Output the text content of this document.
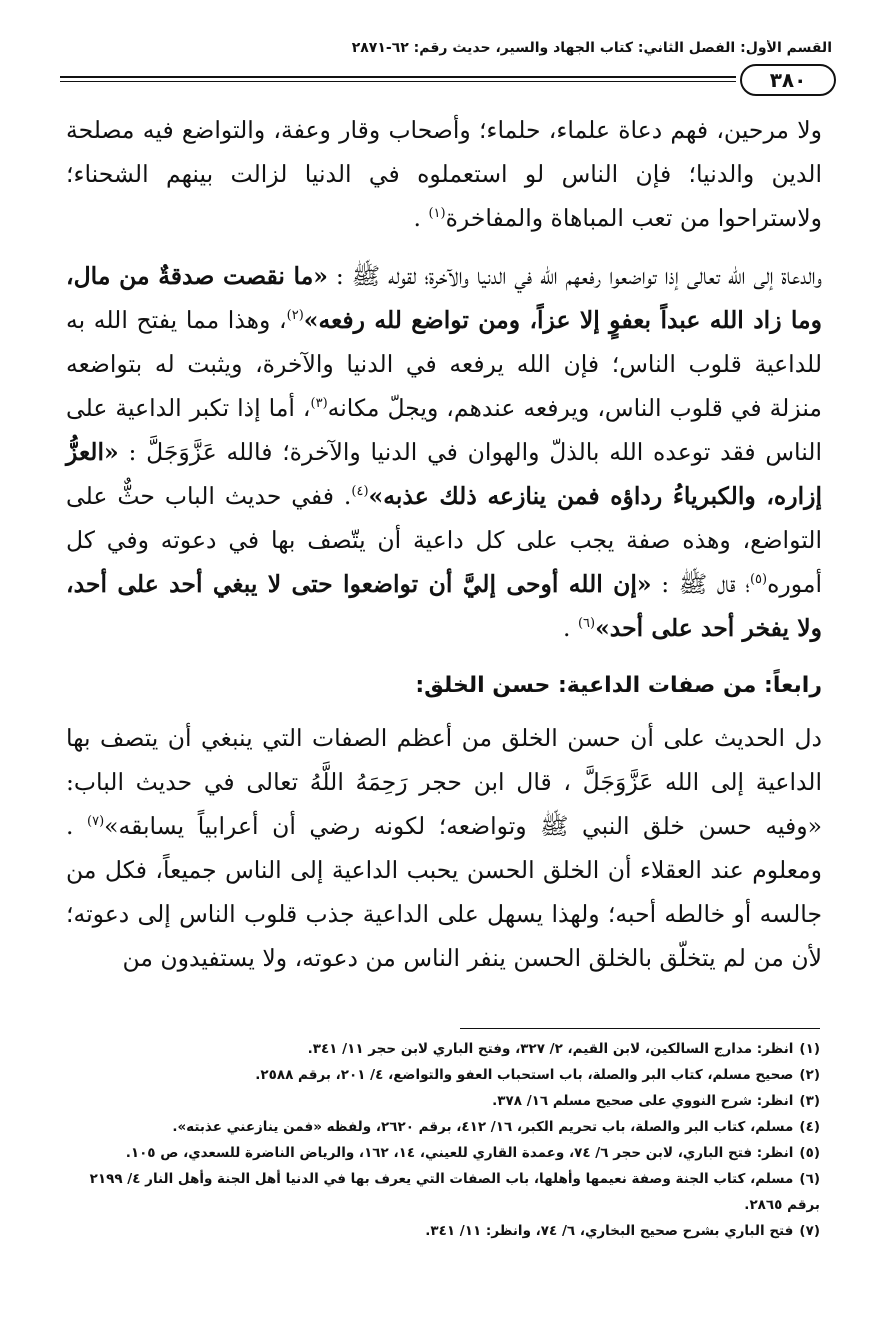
القسم الأول: الفصل الثاني: كتاب الجهاد والسير، حديث رقم: ٦٢-٢٨٧١
٣٨٠

ولا مرحين، فهم دعاة علماء، حلماء؛ وأصحاب وقار وعفة، والتواضع فيه مصلحة الدين والدنيا؛ فإن الناس لو استعملوه في الدنيا لزالت بينهم الشحناء؛ ولاستراحوا من تعب المباهاة والمفاخرة$^{(١)}$ .

والدعاة إلى الله تعالى إذا تواضعوا رفعهم الله في الدنيا والآخرة؛ لقوله ﷺ : «ما نقصت صدقةٌ من مال، وما زاد الله عبداً بعفوٍ إلا عزاً، ومن تواضع لله رفعه»$^{(٢)}$، وهذا مما يفتح الله به للداعية قلوب الناس؛ فإن الله يرفعه في الدنيا والآخرة، ويثبت له بتواضعه منزلة في قلوب الناس، ويرفعه عندهم، ويجلّ مكانه$^{(٣)}$، أما إذا تكبر الداعية على الناس فقد توعده الله بالذلّ والهوان في الدنيا والآخرة؛ فالله عَزَّوَجَلَّ : «العزُّ إزاره، والكبرياءُ رداؤه فمن ينازعه ذلك عذبه»$^{(٤)}$. ففي حديث الباب حثٌّ على التواضع، وهذه صفة يجب على كل داعية أن يتّصف بها في دعوته وفي كل أموره$^{(٥)}$؛ قال ﷺ : «إن الله أوحى إليَّ أن تواضعوا حتى لا يبغي أحد على أحد، ولا يفخر أحد على أحد»$^{(٦)}$ .

رابعاً: من صفات الداعية: حسن الخلق:

دل الحديث على أن حسن الخلق من أعظم الصفات التي ينبغي أن يتصف بها الداعية إلى الله عَزَّوَجَلَّ ، قال ابن حجر رَحِمَهُ اللَّهُ تعالى في حديث الباب: «وفيه حسن خلق النبي ﷺ وتواضعه؛ لكونه رضي أن أعرابياً يسابقه»$^{(٧)}$ . ومعلوم عند العقلاء أن الخلق الحسن يحبب الداعية إلى الناس جميعاً، فكل من جالسه أو خالطه أحبه؛ ولهذا يسهل على الداعية جذب قلوب الناس إلى دعوته؛ لأن من لم يتخلّق بالخلق الحسن ينفر الناس من دعوته، ولا يستفيدون من

(١)انظر: مدارج السالكين، لابن القيم، ٢/ ٣٢٧، وفتح الباري لابن حجر ١١/ ٣٤١.

(٢)صحيح مسلم، كتاب البر والصلة، باب استحباب العفو والتواضع، ٤/ ٢٠١، برقم ٢٥٨٨.

(٣)انظر: شرح النووي على صحيح مسلم ١٦/ ٣٧٨.

(٤)مسلم، كتاب البر والصلة، باب تحريم الكبر، ١٦/ ٤١٢، برقم ٢٦٢٠، ولفظه «فمن ينازعني عذبته».

(٥)انظر: فتح الباري، لابن حجر ٦/ ٧٤، وعمدة القاري للعيني، ١٤، ١٦٢، والرياض الناضرة للسعدي، ص ١٠٥.

(٦)مسلم، كتاب الجنة وصفة نعيمها وأهلها، باب الصفات التي يعرف بها في الدنيا أهل الجنة وأهل النار ٤/ ٢١٩٩ برقم ٢٨٦٥.

(٧)فتح الباري بشرح صحيح البخاري، ٦/ ٧٤، وانظر: ١١/ ٣٤١.
